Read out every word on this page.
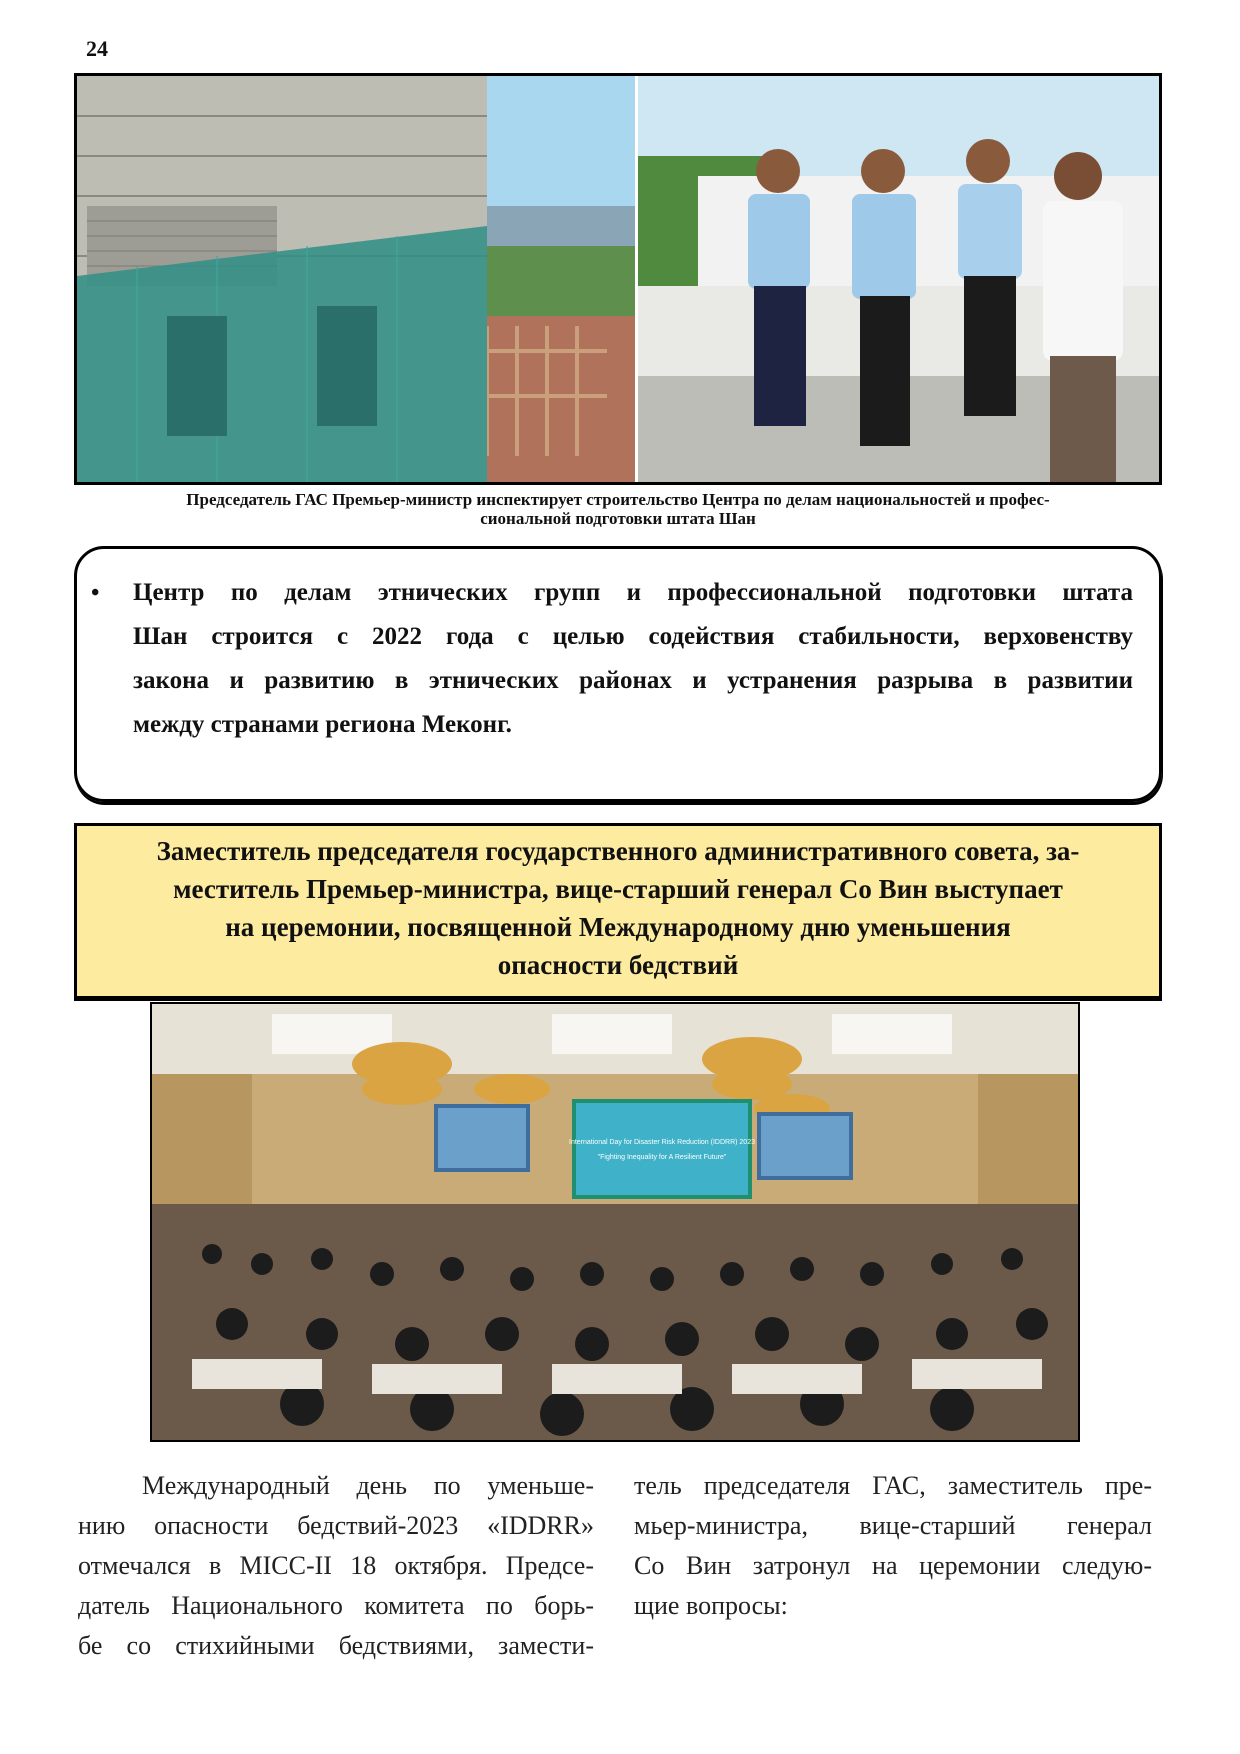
24
Председатель ГАС Премьер-министр инспектирует строительство Центра по делам национальностей и профес-
сиональной подготовки штата Шан
• Центр по делам этнических групп и профессиональной подготовки штата
Шан строится с 2022 года с целью содействия стабильности, верховенству
закона и развитию в этнических районах и устранения разрыва в развитии
между странами региона Меконг.
Заместитель председателя государственного административного совета, за-
меститель Премьер-министра, вице-старший генерал Со Вин выступает
на церемонии, посвященной Международному дню уменьшения
опасности бедствий
International Day for Disaster Risk Reduction (IDDRR) 2023
"Fighting Inequality for A Resilient Future"
Международный день по уменьше-
нию опасности бедствий-2023 «IDDRR»
отмечался в MICC-II 18 октября. Предсе-
датель Национального комитета по борь-
бе со стихийными бедствиями, замести-
тель председателя ГАС, заместитель пре-
мьер-министра, вице-старший генерал
Со Вин затронул на церемонии следую-
щие вопросы:
